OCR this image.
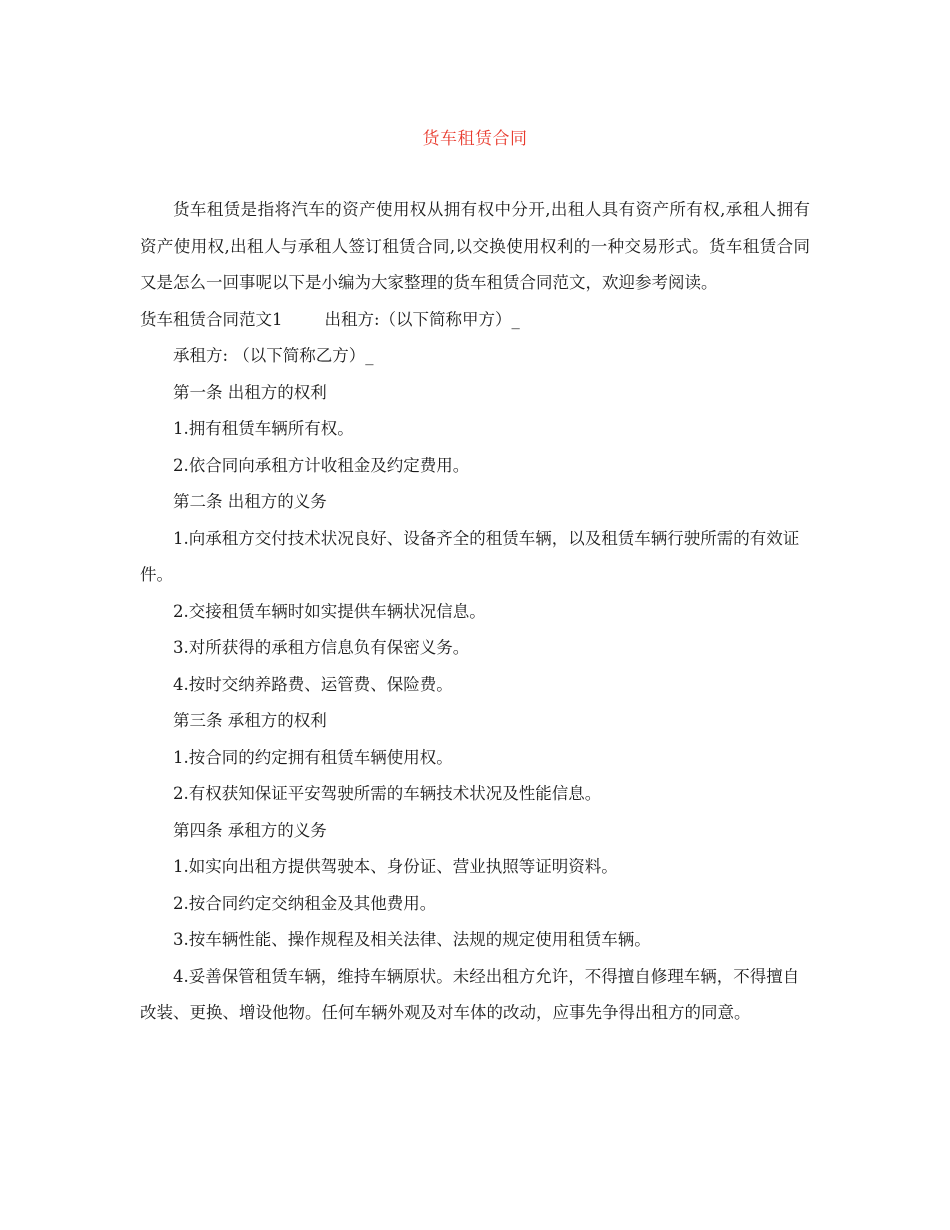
货车租赁合同

货车租赁是指将汽车的资产使用权从拥有权中分开,出租人具有资产所有权,承租人拥有资产使用权,出租人与承租人签订租赁合同,以交换使用权利的一种交易形式。货车租赁合同又是怎么一回事呢以下是小编为大家整理的货车租赁合同范文，欢迎参考阅读。

货车租赁合同范文1	出租方:（以下简称甲方）_

承租方: （以下简称乙方）_

第一条 出租方的权利

1.拥有租赁车辆所有权。

2.依合同向承租方计收租金及约定费用。

第二条 出租方的义务

1.向承租方交付技术状况良好、设备齐全的租赁车辆，以及租赁车辆行驶所需的有效证件。

2.交接租赁车辆时如实提供车辆状况信息。

3.对所获得的承租方信息负有保密义务。

4.按时交纳养路费、运管费、保险费。

第三条 承租方的权利

1.按合同的约定拥有租赁车辆使用权。

2.有权获知保证平安驾驶所需的车辆技术状况及性能信息。

第四条 承租方的义务

1.如实向出租方提供驾驶本、身份证、营业执照等证明资料。

2.按合同约定交纳租金及其他费用。

3.按车辆性能、操作规程及相关法律、法规的规定使用租赁车辆。

4.妥善保管租赁车辆，维持车辆原状。未经出租方允许，不得擅自修理车辆，不得擅自改装、更换、增设他物。任何车辆外观及对车体的改动，应事先争得出租方的同意。
